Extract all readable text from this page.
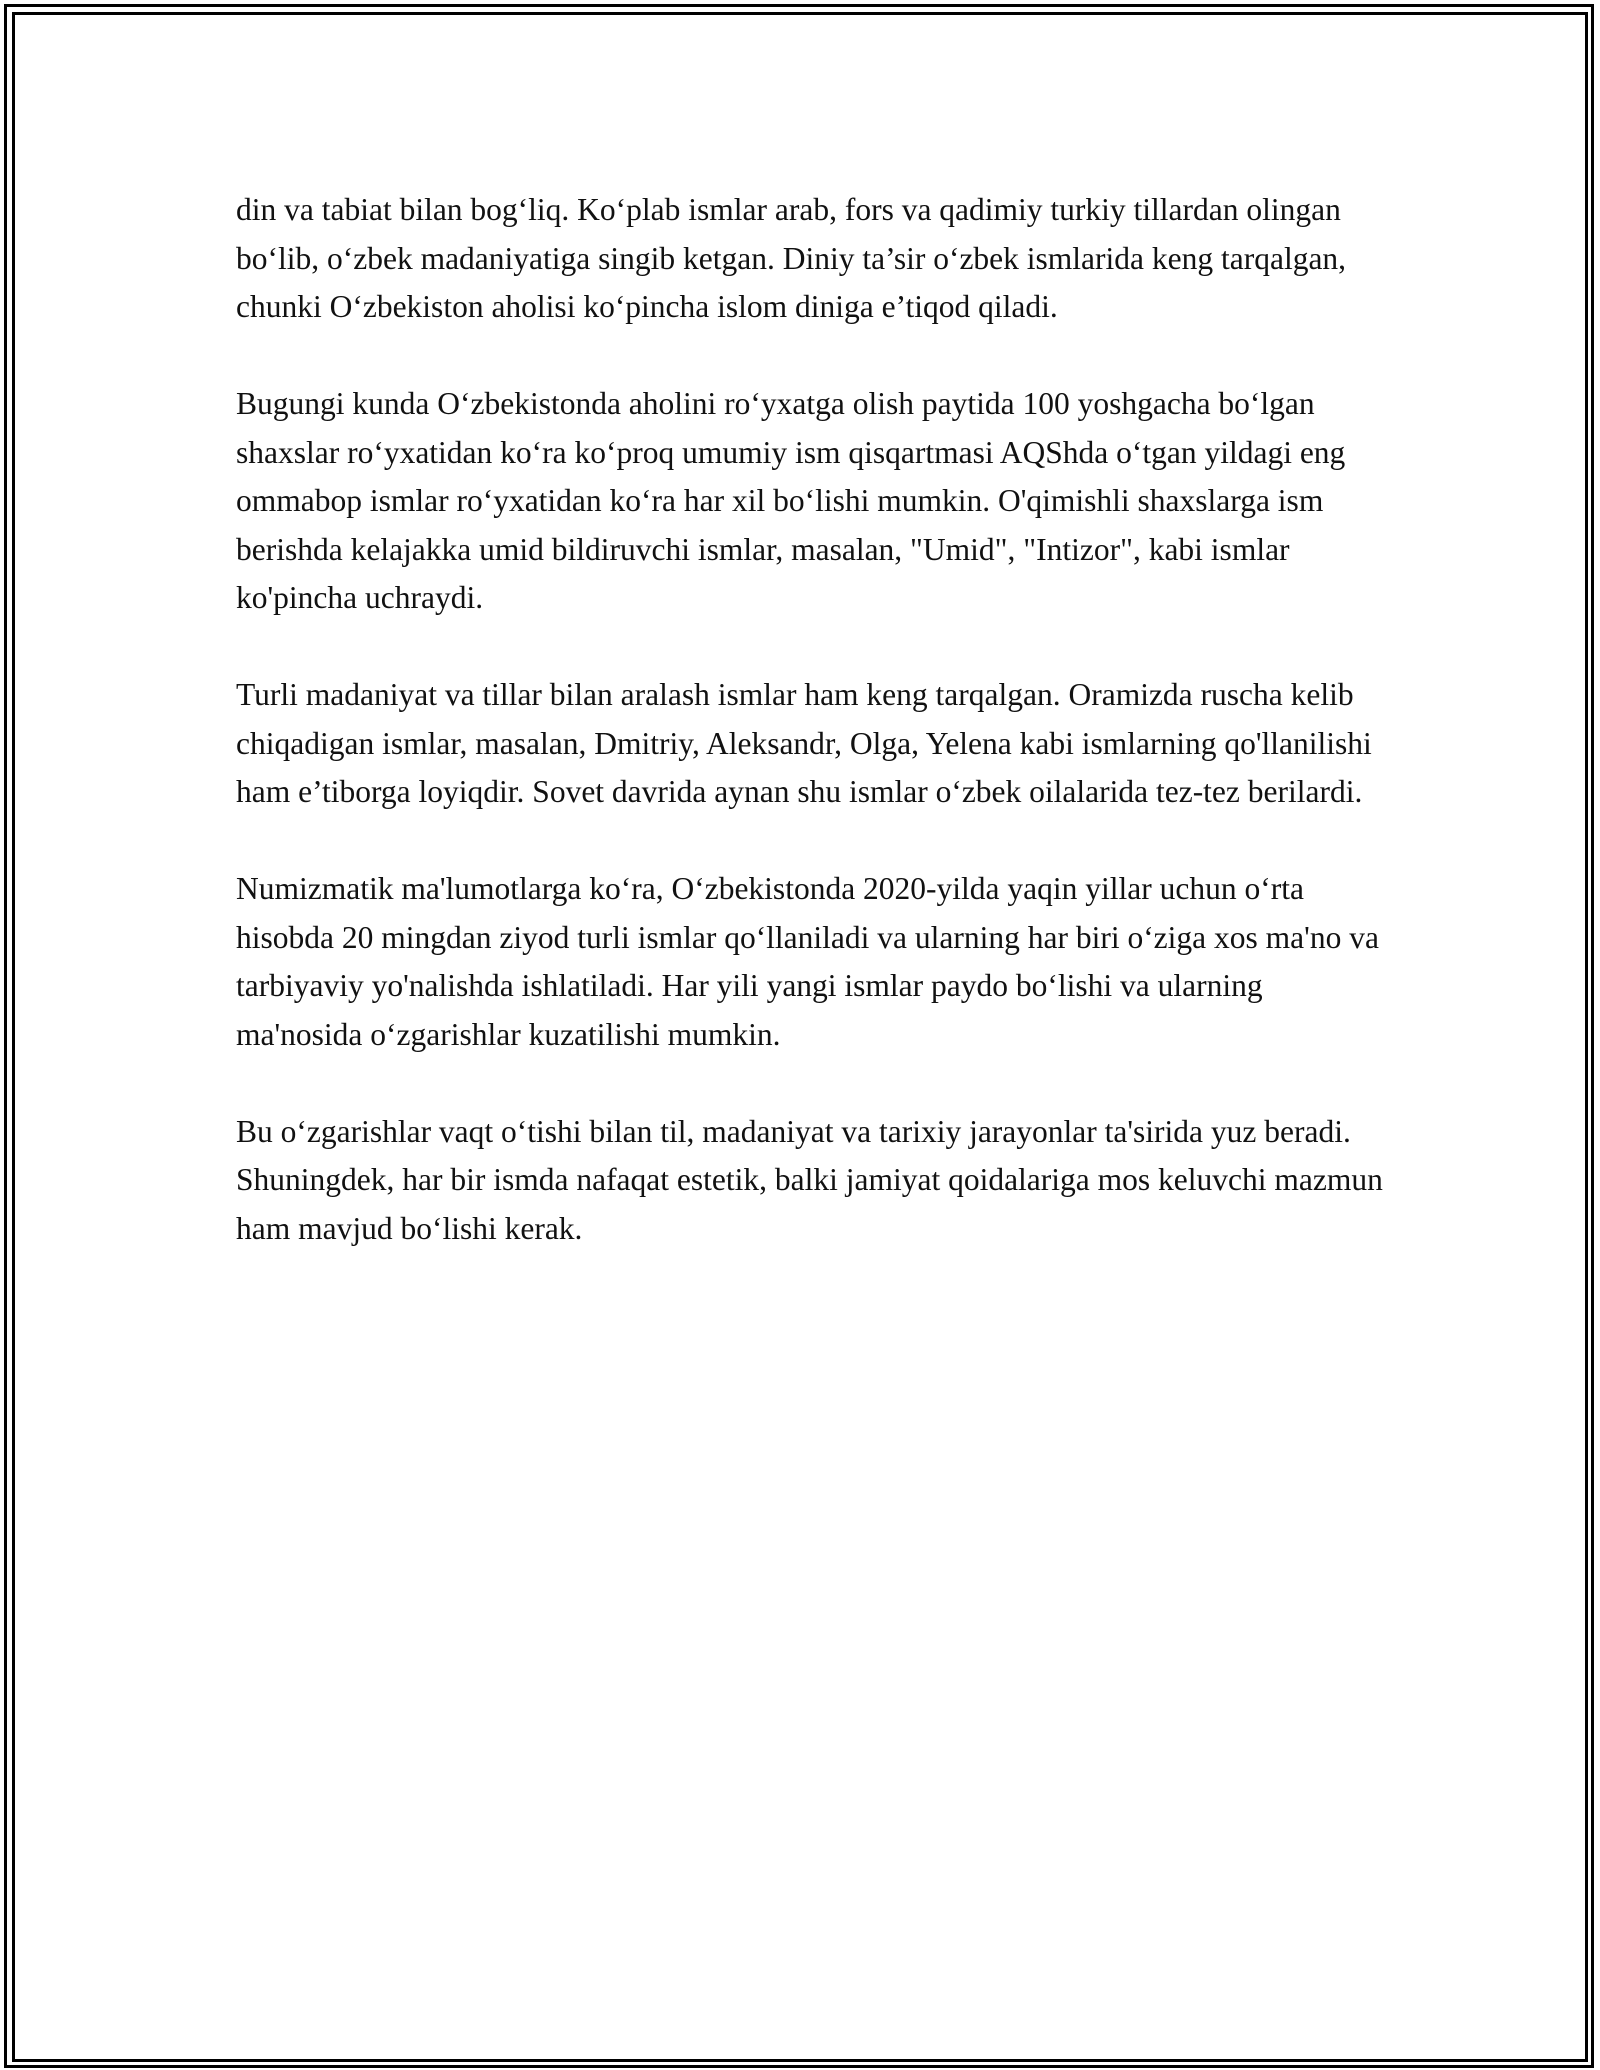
din va tabiat bilan bog‘liq. Ko‘plab ismlar arab, fors va qadimiy turkiy tillardan olingan bo‘lib, o‘zbek madaniyatiga singib ketgan. Diniy ta’sir o‘zbek ismlarida keng tarqalgan, chunki O‘zbekiston aholisi ko‘pincha islom diniga e’tiqod qiladi.

Bugungi kunda O‘zbekistonda aholini ro‘yxatga olish paytida 100 yoshgacha bo‘lgan shaxslar ro‘yxatidan ko‘ra ko‘proq umumiy ism qisqartmasi AQShda o‘tgan yildagi eng ommabop ismlar ro‘yxatidan ko‘ra har xil bo‘lishi mumkin. O'qimishli shaxslarga ism berishda kelajakka umid bildiruvchi ismlar, masalan, "Umid", "Intizor", kabi ismlar ko'pincha uchraydi.

Turli madaniyat va tillar bilan aralash ismlar ham keng tarqalgan. Oramizda ruscha kelib chiqadigan ismlar, masalan, Dmitriy, Aleksandr, Olga, Yelena kabi ismlarning qo'llanilishi ham e’tiborga loyiqdir. Sovet davrida aynan shu ismlar o‘zbek oilalarida tez-tez berilardi.

Numizmatik ma'lumotlarga ko‘ra, O‘zbekistonda 2020-yilda yaqin yillar uchun o‘rta hisobda 20 mingdan ziyod turli ismlar qo‘llaniladi va ularning har biri o‘ziga xos ma'no va tarbiyaviy yo'nalishda ishlatiladi. Har yili yangi ismlar paydo bo‘lishi va ularning ma'nosida o‘zgarishlar kuzatilishi mumkin.

Bu o‘zgarishlar vaqt o‘tishi bilan til, madaniyat va tarixiy jarayonlar ta'sirida yuz beradi. Shuningdek, har bir ismda nafaqat estetik, balki jamiyat qoidalariga mos keluvchi mazmun ham mavjud bo‘lishi kerak.
